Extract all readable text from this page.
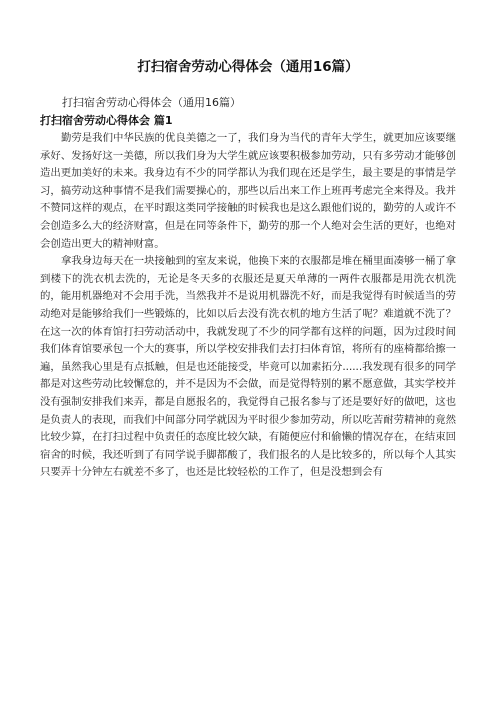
打扫宿舍劳动心得体会（通用16篇）
打扫宿舍劳动心得体会（通用16篇）
打扫宿舍劳动心得体会 篇1

勤劳是我们中华民族的优良美德之一了，我们身为当代的青年大学生，就更加应该要继承好、发扬好这一美德，所以我们身为大学生就应该要积极参加劳动，只有多劳动才能够创造出更加美好的未来。我身边有不少的同学都认为我们现在还是学生，最主要是的事情是学习，搞劳动这种事情不是我们需要操心的，那些以后出来工作上班再考虑完全来得及。我并不赞同这样的观点，在平时跟这类同学接触的时候我也是这么跟他们说的，勤劳的人或许不会创造多么大的经济财富，但是在同等条件下，勤劳的那一个人绝对会生活的更好，也绝对会创造出更大的精神财富。

拿我身边每天在一块接触到的室友来说，他换下来的衣服都是堆在桶里面凑够一桶了拿到楼下的洗衣机去洗的，无论是冬天多的衣服还是夏天单薄的一两件衣服都是用洗衣机洗的，能用机器绝对不会用手洗，当然我并不是说用机器洗不好，而是我觉得有时候适当的劳动绝对是能够给我们一些锻炼的，比如以后去没有洗衣机的地方生活了呢？难道就不洗了？在这一次的体育馆打扫劳动活动中，我就发现了不少的同学都有这样的问题，因为过段时间我们体育馆要承包一个大的赛事，所以学校安排我们去打扫体育馆，将所有的座椅都给擦一遍，虽然我心里是有点抵触，但是也还能接受，毕竟可以加素拓分......我发现有很多的同学都是对这些劳动比较懈怠的，并不是因为不会做，而是觉得特别的累不愿意做，其实学校并没有强制安排我们来弄，都是自愿报名的，我觉得自己报名参与了还是要好好的做吧，这也是负责人的表现，而我们中间部分同学就因为平时很少参加劳动，所以吃苦耐劳精神的竟然比较少算，在打扫过程中负责任的态度比较欠缺，有随便应付和偷懒的情况存在，在结束回宿舍的时候，我还听到了有同学说手脚都酸了，我们报名的人是比较多的，所以每个人其实只要弄十分钟左右就差不多了，也还是比较轻松的工作了，但是没想到会有
